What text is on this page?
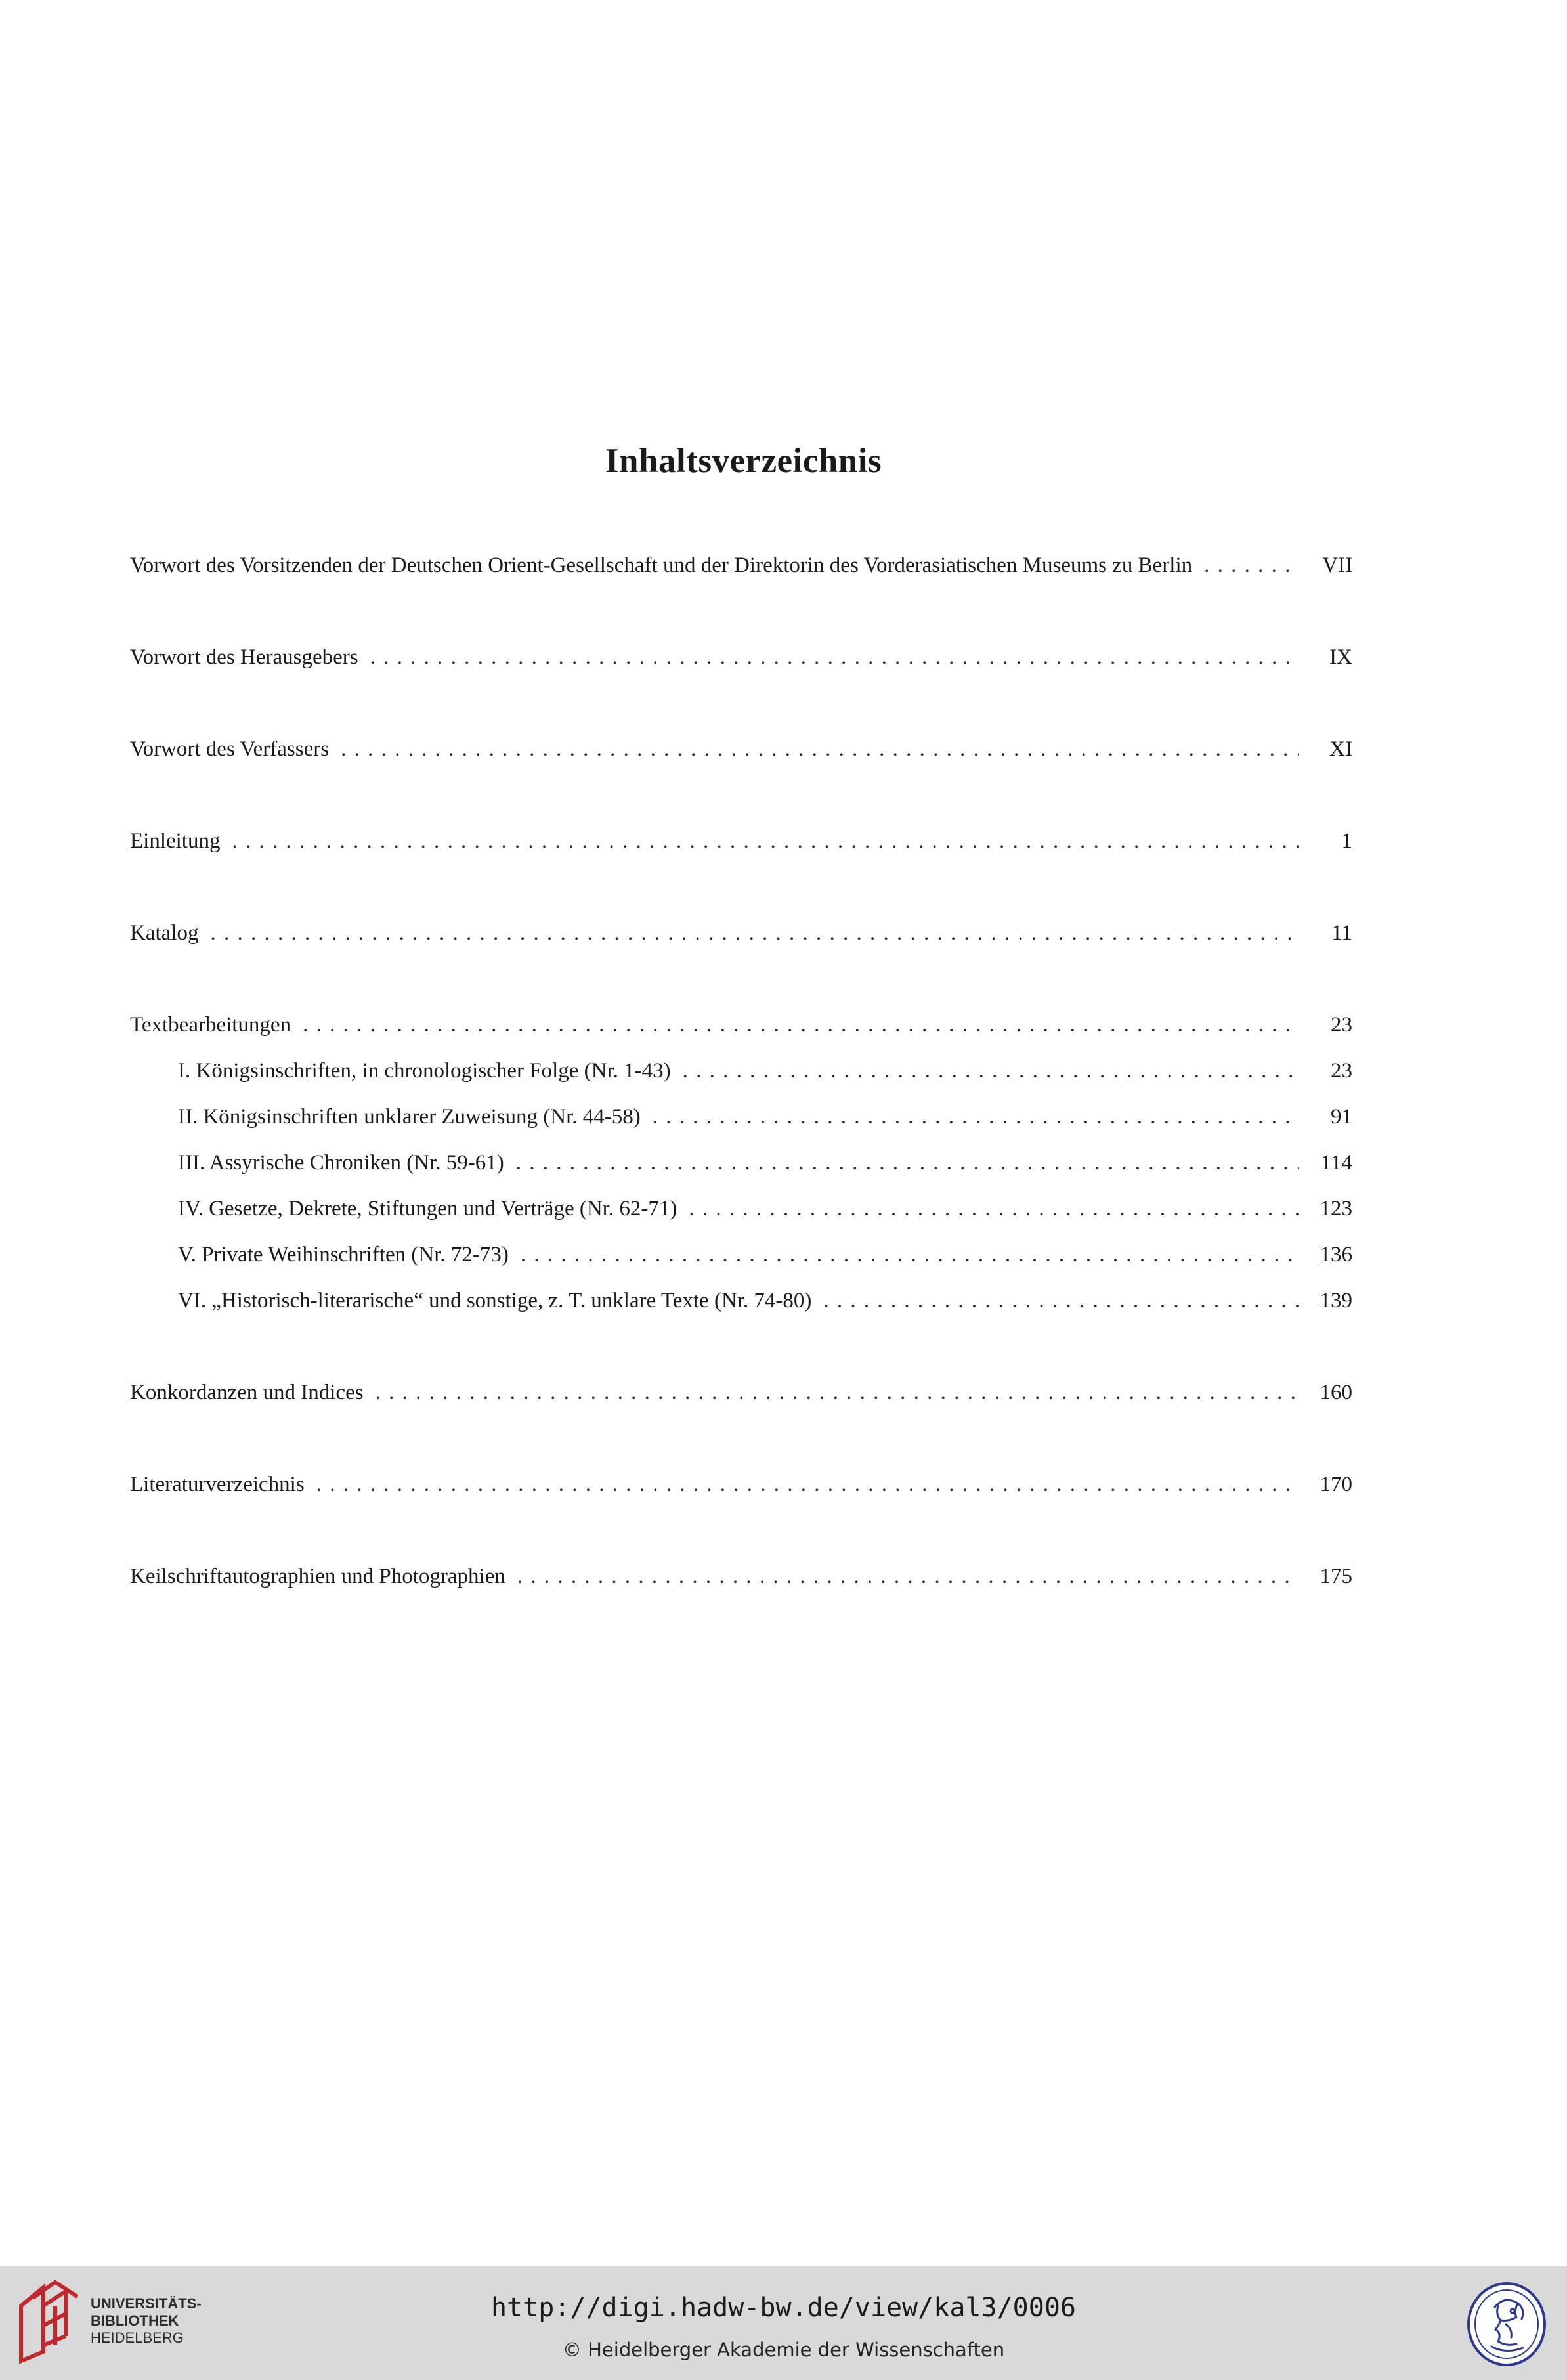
Inhaltsverzeichnis
Vorwort des Vorsitzenden der Deutschen Orient-Gesellschaft und der Direktorin des Vorderasiatischen Museums zu Berlin . . .	VII
Vorwort des Herausgebers . . .	IX
Vorwort des Verfassers . . .	XI
Einleitung . . .	1
Katalog . . .	11
Textbearbeitungen . . .	23
I. Königsinschriften, in chronologischer Folge (Nr. 1-43) . . .	23
II. Königsinschriften unklarer Zuweisung (Nr. 44-58) . . .	91
III. Assyrische Chroniken (Nr. 59-61) . . .	114
IV. Gesetze, Dekrete, Stiftungen und Verträge (Nr. 62-71) . . .	123
V. Private Weihinschriften (Nr. 72-73) . . .	136
VI. „Historisch-literarische“ und sonstige, z. T. unklare Texte (Nr. 74-80) . . .	139
Konkordanzen und Indices . . .	160
Literaturverzeichnis . . .	170
Keilschriftautographien und Photographien . . .	175
UNIVERSITÄTS-
BIBLIOTHEK
HEIDELBERG
http://digi.hadw-bw.de/view/kal3/0006
© Heidelberger Akademie der Wissenschaften
